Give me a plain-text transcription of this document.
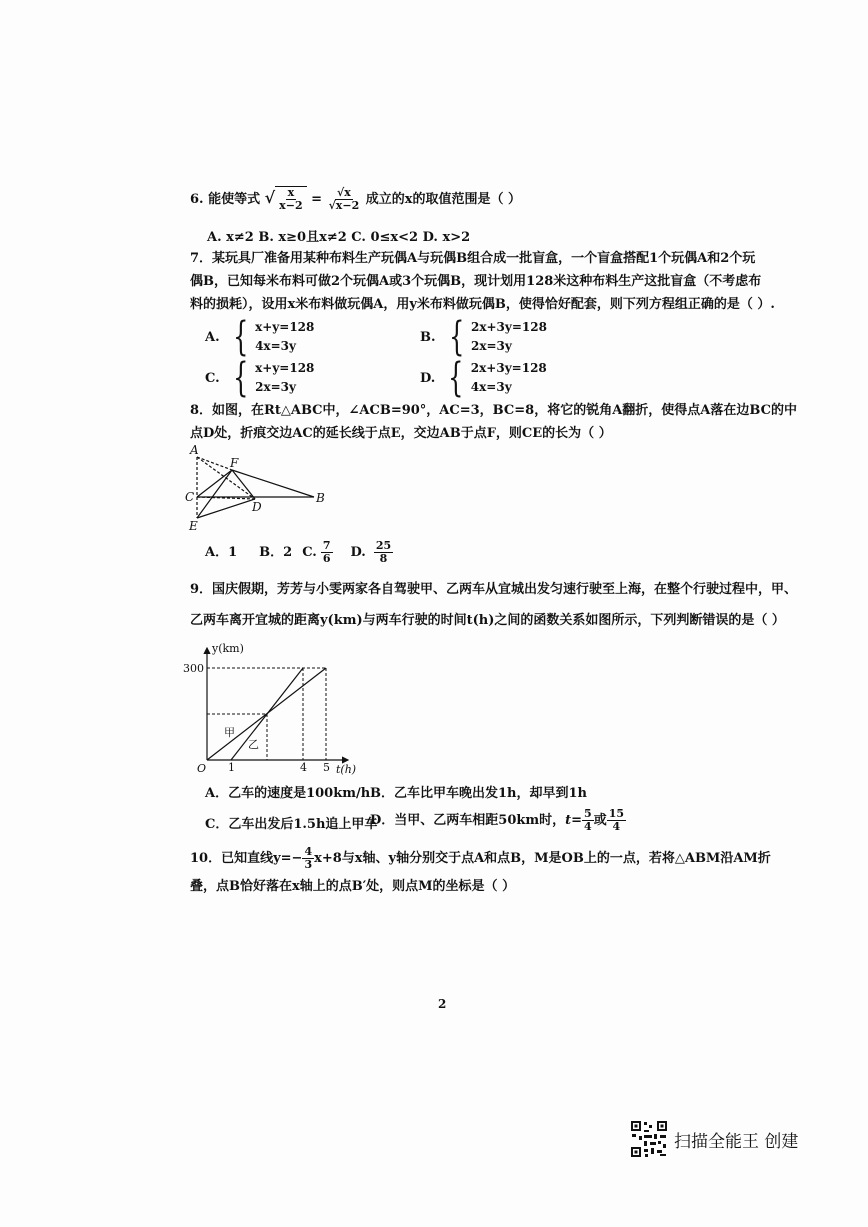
6. 能使等式 √ $\frac{x}{x-2} = \frac{√x}{√x-2}$ 成立的x的取值范围是（ ）
A. x≠2 B. x≥0且x≠2 C. 0≤x<2 D. x>2
7．某玩具厂准备用某种布料生产玩偶A与玩偶B组合成一批盲盒，一个盲盒搭配1个玩偶A和2个玩
偶B，已知每米布料可做2个玩偶A或3个玩偶B，现计划用128米这种布料生产这批盲盒（不考虑布
料的损耗），设用x米布料做玩偶A，用y米布料做玩偶B，使得恰好配套，则下列方程组正确的是（ ）.
A. { x+y=128
4x=3y
B. { 2x+3y=128
2x=3y
C. { x+y=128
2x=3y
D. { 2x+3y=128
4x=3y
8．如图，在Rt△ABC中，∠ACB=90°，AC=3，BC=8，将它的锐角A翻折，使得点A落在边BC的中
点D处，折痕交边AC的延长线于点E，交边AB于点F，则CE的长为（ ）
A
F
C
D
B
E
A．1 B．2 C. $\frac{7}{6} D$. $\frac{25}{8}$
9．国庆假期，芳芳与小雯两家各自驾驶甲、乙两车从宜城出发匀速行驶至上海，在整个行驶过程中，甲、
乙两车离开宜城的距离y(km)与两车行驶的时间t(h)之间的函数关系如图所示，下列判断错误的是（ ）
y(km)
t(h)
O
300
1	4 5
甲
乙
A．乙车的速度是100km/h B．乙车比甲车晚出发1h，却早到1h
C．乙车出发后1.5h追上甲车
D．当甲、乙两车相距50km时， $t= \frac{5}{4}$ 或 $\frac{15}{4}$
10．已知直线$y=- \frac{4}{3} x+8$与x轴、y轴分别交于点A和点B，M是OB上的一点，若将△ABM沿AM折
叠，点B恰好落在x轴上的点B′处，则点M的坐标是（ ）
2
扫描全能王 创建
